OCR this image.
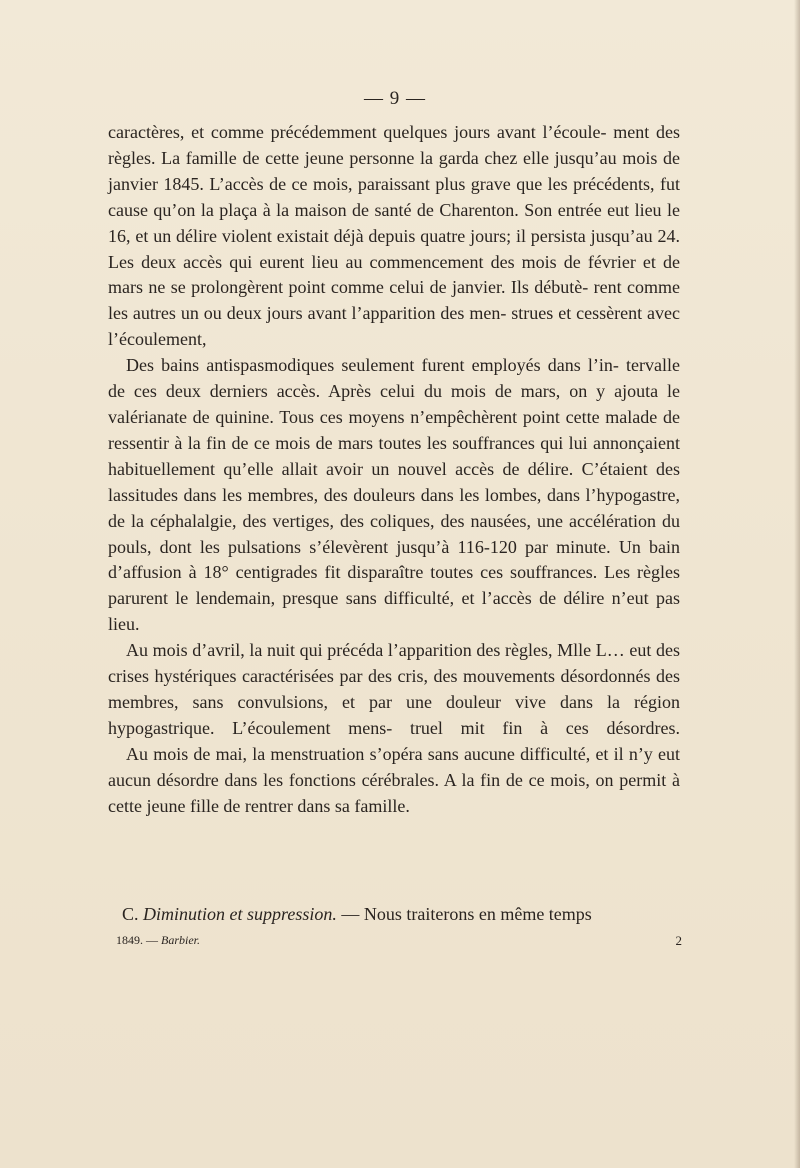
— 9 —

caractères, et comme précédemment quelques jours avant l’écoule- ment des règles. La famille de cette jeune personne la garda chez elle jusqu’au mois de janvier 1845. L’accès de ce mois, paraissant plus grave que les précédents, fut cause qu’on la plaça à la maison de santé de Charenton. Son entrée eut lieu le 16, et un délire violent existait déjà depuis quatre jours; il persista jusqu’au 24. Les deux accès qui eurent lieu au commencement des mois de février et de mars ne se prolongèrent point comme celui de janvier. Ils débutè- rent comme les autres un ou deux jours avant l’apparition des men- strues et cessèrent avec l’écoulement,

Des bains antispasmodiques seulement furent employés dans l’in- tervalle de ces deux derniers accès. Après celui du mois de mars, on y ajouta le valérianate de quinine. Tous ces moyens n’empêchèrent point cette malade de ressentir à la fin de ce mois de mars toutes les souffrances qui lui annonçaient habituellement qu’elle allait avoir un nouvel accès de délire. C’étaient des lassitudes dans les membres, des douleurs dans les lombes, dans l’hypogastre, de la céphalalgie, des vertiges, des coliques, des nausées, une accélération du pouls, dont les pulsations s’élevèrent jusqu’à 116-120 par minute. Un bain d’affusion à 18° centigrades fit disparaître toutes ces souffrances. Les règles parurent le lendemain, presque sans difficulté, et l’accès de délire n’eut pas lieu.

Au mois d’avril, la nuit qui précéda l’apparition des règles, Mlle L… eut des crises hystériques caractérisées par des cris, des mouvements désordonnés des membres, sans convulsions, et par une douleur vive dans la région hypogastrique. L’écoulement mens- truel mit fin à ces désordres.

Au mois de mai, la menstruation s’opéra sans aucune difficulté, et il n’y eut aucun désordre dans les fonctions cérébrales. A la fin de ce mois, on permit à cette jeune fille de rentrer dans sa famille.

C. Diminution et suppression. — Nous traiterons en même temps
1849. — Barbier.	2
